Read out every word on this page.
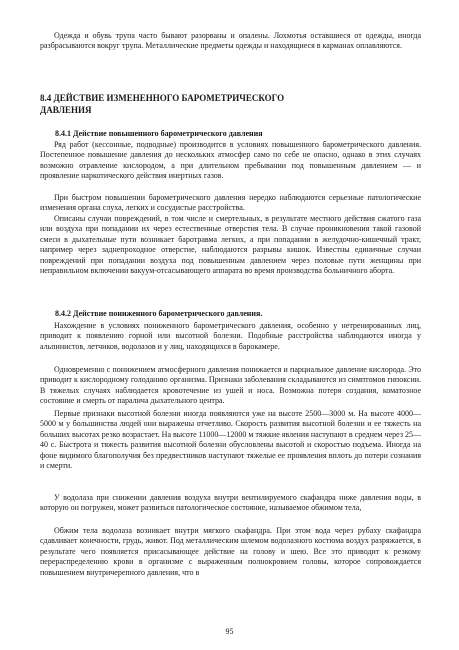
Одежда и обувь трупа часто бывают разорваны и опалены. Лохмотья оставшиеся от одежды, иногда разбрасываются вокруг трупа. Металлические предметы одежды и находящиеся в карманах оплавляются.

8.4 ДЕЙСТВИЕ ИЗМЕНЕННОГО БАРОМЕТРИЧЕСКОГО ДАВЛЕНИЯ
8.4.1 Действие повышенного барометрического давления

Ряд работ (кессонные, подводные) производится в условиях повышенного барометрического давления. Постепенное повышение давления до нескольких атмосфер само по себе не опасно, однако в этих случаях возможно отравление кислородом, а при длительном пребывании под повышенным давлением — и проявление наркотического действия инертных газов.

При быстром повышении барометрического давления нередко наблюдаются серьезные патологические изменения органа слуха, легких и сосудистые расстройства.

Описаны случаи повреждений, в том числе и смертельных, в результате местного действия сжатого газа или воздуха при попадании их через естественные отверстия тела. В случае проникновения такой газовой смеси в дыхательные пути возникает баротравма легких, а при попадании в желудочно-кишечный тракт, например через заднепроходное отверстие, наблюдаются разрывы кишок. Известны единичные случаи повреждений при попадании воздуха под повышенным давлением через половые пути женщины при неправильном включении вакуум-отсасывающего аппарата во время производства больничного аборта.

8.4.2 Действие пониженного барометрического давления.

Нахождение в условиях пониженного барометрического давления, особенно у нетренированных лиц, приводит к появлению горной или высотной болезни. Подобные расстройства наблюдаются иногда у альпинистов, летчиков, водолазов и у лиц, находящихся в барокамере.

Одновременно с понижением атмосферного давления понижается и парциальное давление кислорода. Это приводит к кислородному голоданию организма. Признаки заболевания складываются из симптомов гипоксии. В тяжелых случаях наблюдается кровотечение из ушей и носа. Возможна потеря создания, коматозное состояние и смерть от паралича дыхательного центра.

Первые признаки высотной болезни иногда появляются уже на высоте 2500—3000 м. На высоте 4000—5000 м у большинства людей они выражены отчетливо. Скорость развития высотной болезни и ее тяжесть на больших высотах резко возрастает. На высоте 11000—12000 м тяжкие явления наступают в среднем через 25—40 с. Быстрота и тяжесть развития высотной болезни обусловлены высотой и скоростью подъема. Иногда на фоне видимого благополучия без предвестников наступают тяжелые ее проявления вплоть до потери сознания и смерти.

У водолаза при снижении давления воздуха внутри вентилируемого скафандра ниже давления воды, в которую он погружен, может развиться патологическое состояние, называемое обжимом тела,

Обжим тела водолаза возникает внутри мягкого скафандра. При этом вода через рубаху скафандра сдавливает конечности, грудь, живот. Под металлическим шлемом водолазного костюма воздух разряжается, в результате чего появляется присасывающее действие на голову и шею. Все это приводит к резкому перераспределению крови в организме с выраженным полнокровием головы, которое сопровождается повышением внутричерепного давления, что в

95
